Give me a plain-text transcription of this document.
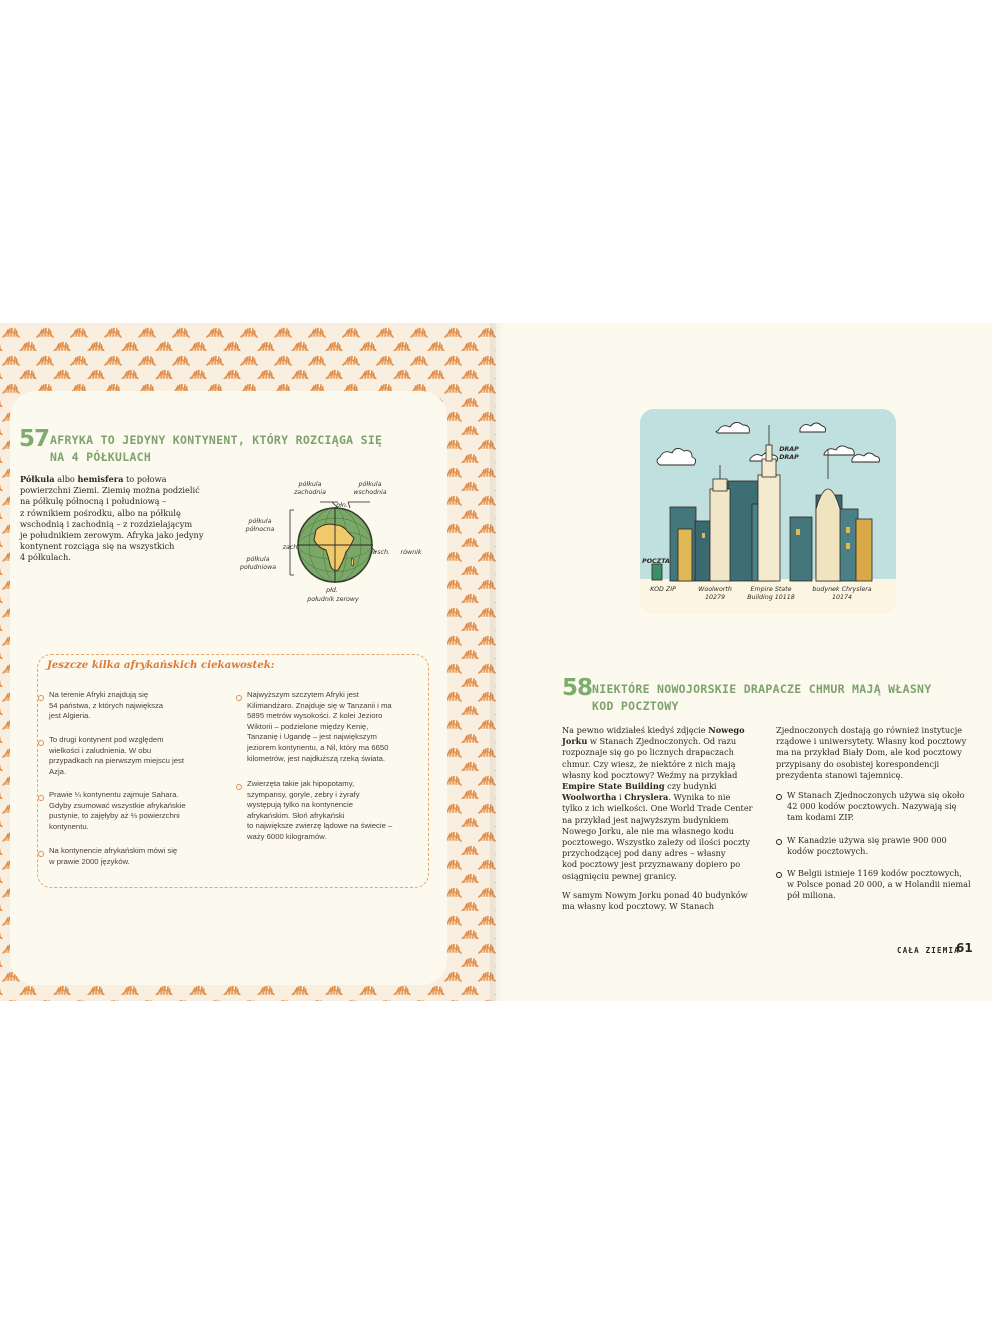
57 AFRYKA TO JEDYNY KONTYNENT, KTÓRY ROZCIĄGA SIĘ
NA 4 PÓŁKULACH
Półkula albo hemisfera to połowa
powierzchni Ziemi. Ziemię można podzielić
na półkulę północną i południową –
z równikiem pośrodku, albo na półkulę
wschodnią i zachodnią – z rozdzielającym
je południkiem zerowym. Afryka jako jedyny
kontynent rozciąga się na wszystkich
4 półkulach.
półkula
zachodnia
półkula
wschodnia
płn.
półkula
północna
zach.
wsch.	równik
półkula
południowa
płd.
południk zerowy
Jeszcze kilka afrykańskich ciekawostek:
Na terenie Afryki znajdują się
54 państwa, z których największa
jest Algieria.
To drugi kontynent pod względem
wielkości i zaludnienia. W obu
przypadkach na pierwszym miejscu jest
Azja.
Prawie ¼ kontynentu zajmuje Sahara.
Gdyby zsumować wszystkie afrykańskie
pustynie, to zajęłyby aż ⅔ powierzchni
kontynentu.
Na kontynencie afrykańskim mówi się
w prawie 2000 języków.
Najwyższym szczytem Afryki jest
Kilimandżaro. Znajduje się w Tanzanii i ma
5895 metrów wysokości. Z kolei Jezioro
Wiktorii – podzielone między Kenię,
Tanzanię i Ugandę – jest największym
jeziorem kontynentu, a Nil, który ma 6650
kilometrów, jest najdłuższą rzeką świata.
Zwierzęta takie jak hipopotamy,
szympansy, goryle, zebry i żyrafy
występują tylko na kontynencie
afrykańskim. Słoń afrykański
to największe zwierzę lądowe na świecie –
waży 6000 kilogramów.
DRAP
DRAP
POCZTA
KOD ZIP	Woolworth
10279
Empire State
Building 10118
budynek Chryslera
10174
58 NIEKTÓRE NOWOJORSKIE DRAPACZE CHMUR MAJĄ WŁASNY
KOD POCZTOWY
Na pewno widziałeś kiedyś zdjęcie Nowego
Jorku w Stanach Zjednoczonych. Od razu
rozpoznaje się go po licznych drapaczach
chmur. Czy wiesz, że niektóre z nich mają
własny kod pocztowy? Weźmy na przykład
Empire State Building czy budynki
Woolwortha i Chryslera. Wynika to nie
tylko z ich wielkości. One World Trade Center
na przykład jest najwyższym budynkiem
Nowego Jorku, ale nie ma własnego kodu
pocztowego. Wszystko zależy od ilości poczty
przychodzącej pod dany adres – własny
kod pocztowy jest przyznawany dopiero po
osiągnięciu pewnej granicy.
W samym Nowym Jorku ponad 40 budynków
ma własny kod pocztowy. W Stanach
Zjednoczonych dostają go również instytucje
rządowe i uniwersytety. Własny kod pocztowy
ma na przykład Biały Dom, ale kod pocztowy
przypisany do osobistej korespondencji
prezydenta stanowi tajemnicę.
W Stanach Zjednoczonych używa się około
42 000 kodów pocztowych. Nazywają się
tam kodami ZIP.
W Kanadzie używa się prawie 900 000
kodów pocztowych.
W Belgii istnieje 1169 kodów pocztowych,
w Polsce ponad 20 000, a w Holandii niemal
pół miliona.
CAŁA ZIEMIA
61
